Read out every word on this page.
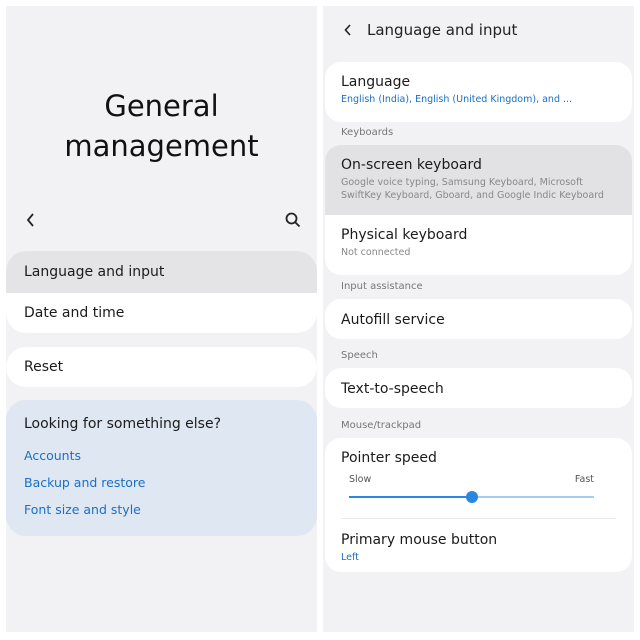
General
management
Language and input
Date and time
Reset
Looking for something else?
Accounts
Backup and restore
Font size and style
Language and input
Language
English (India), English (United Kingdom), and ...
Keyboards
On-screen keyboard
Google voice typing, Samsung Keyboard, Microsoft SwiftKey Keyboard, Gboard, and Google Indic Keyboard
Physical keyboard
Not connected
Input assistance
Autofill service
Speech
Text-to-speech
Mouse/trackpad
Pointer speed
Slow	Fast
Primary mouse button
Left
